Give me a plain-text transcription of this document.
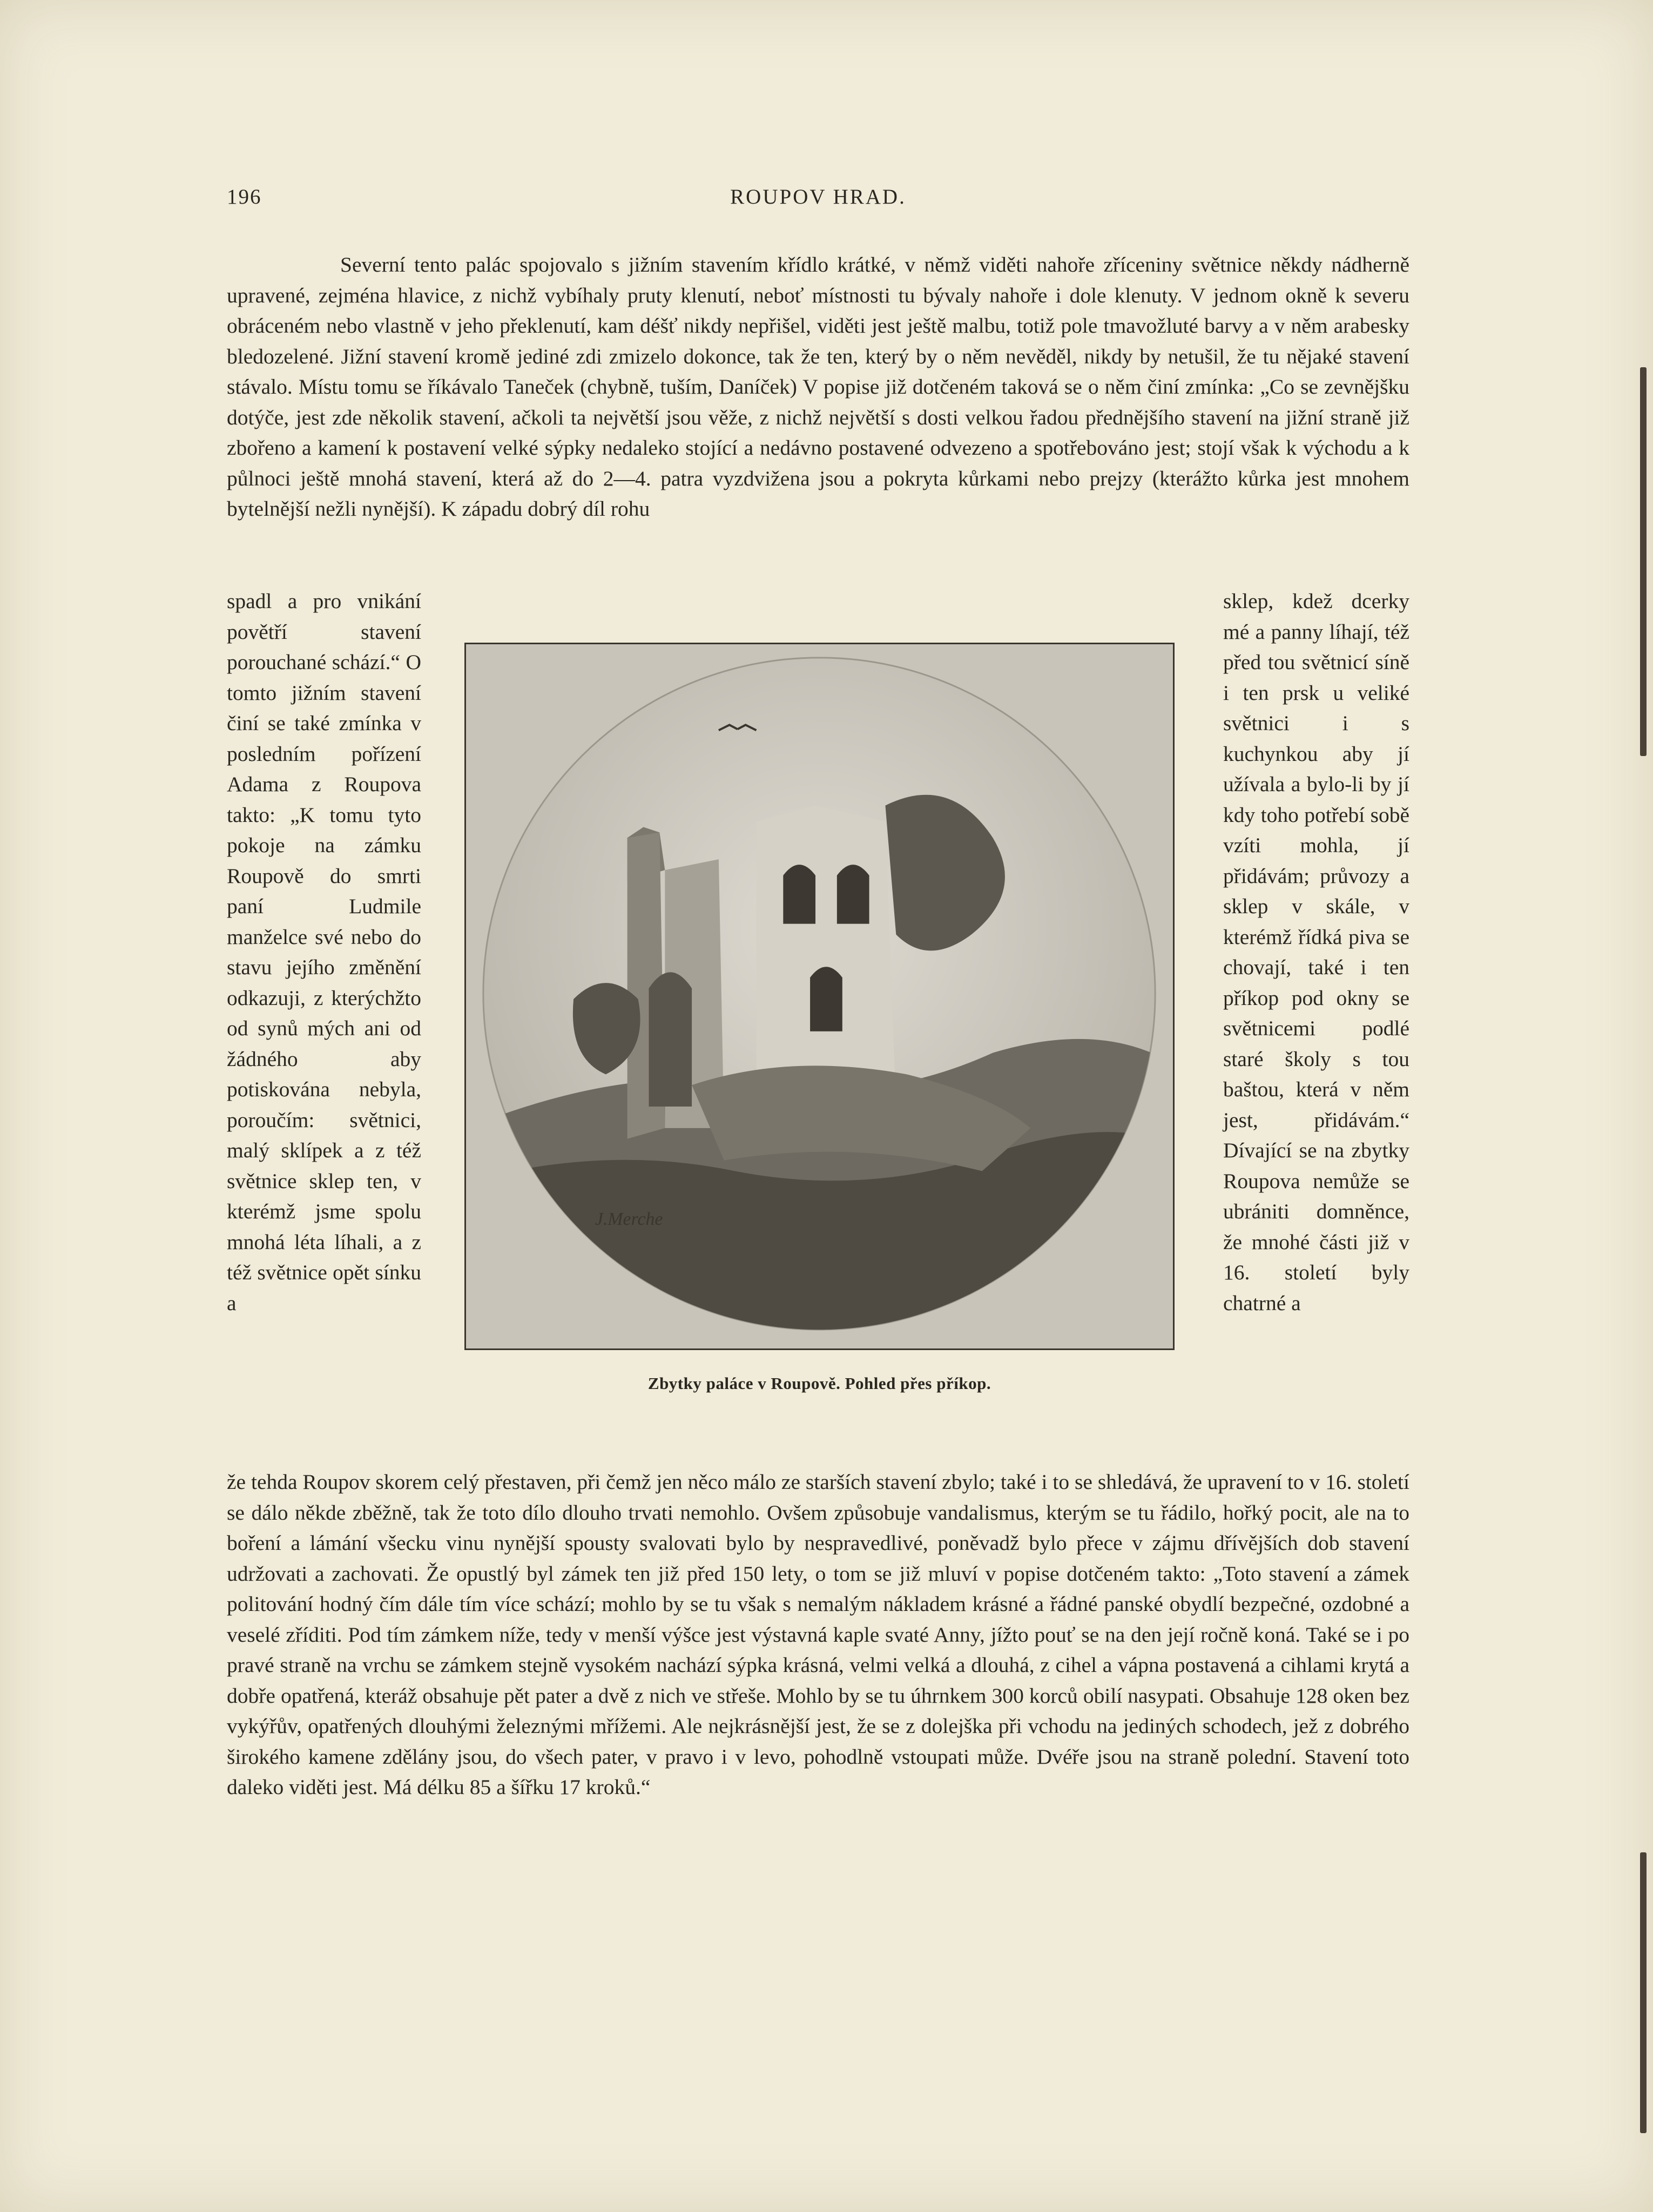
196	ROUPOV HRAD.

Severní tento palác spojovalo s jižním stavením křídlo krátké, v němž viděti nahoře zříceniny světnice někdy nádherně upravené, zejména hlavice, z nichž vybíhaly pruty klenutí, neboť místnosti tu bývaly nahoře i dole klenuty. V jednom okně k severu obráceném nebo vlastně v jeho překlenutí, kam déšť nikdy nepřišel, viděti jest ještě malbu, totiž pole tmavožluté barvy a v něm arabesky bledozelené. Jižní stavení kromě jediné zdi zmizelo dokonce, tak že ten, který by o něm nevěděl, nikdy by netušil, že tu nějaké stavení stávalo. Místu tomu se říkávalo Taneček (chybně, tuším, Daníček) V popise již dotčeném taková se o něm činí zmínka: „Co se zevnějšku dotýče, jest zde několik stavení, ačkoli ta největší jsou věže, z nichž největší s dosti velkou řadou přednějšího stavení na jižní straně již zbořeno a kamení k postavení velké sýpky nedaleko stojící a nedávno postavené odvezeno a spotřebováno jest; stojí však k východu a k půlnoci ještě mnohá stavení, která až do 2—4. patra vyzdvižena jsou a pokryta kůrkami nebo prejzy (kterážto kůrka jest mnohem bytelnější nežli nynější). K západu dobrý díl rohu

spadl a pro vnikání povětří stavení porouchané schází.“ O tomto jižním stavení činí se také zmínka v posledním pořízení Adama z Roupova takto: „K tomu tyto pokoje na zámku Roupově do smrti paní Ludmile manželce své nebo do stavu jejího změnění odkazuji, z kterýchžto od synů mých ani od žádného aby potiskována nebyla, poroučím: světnici, malý sklípek a z též světnice sklep ten, v kterémž jsme spolu mnohá léta líhali, a z též světnice opět sínku a

sklep, kdež dcerky mé a panny líhají, též před tou světnicí síně i ten prsk u veliké světnici i s kuchynkou aby jí užívala a bylo-li by jí kdy toho potřebí sobě vzíti mohla, jí přidávám; průvozy a sklep v skále, v kterémž řídká piva se chovají, také i ten příkop pod okny se světnicemi podlé staré školy s tou baštou, která v něm jest, přidávám.“ Dívající se na zbytky Roupova nemůže se ubrániti domněnce, že mnohé části již v 16. století byly chatrné a

J.Merche
Zbytky paláce v Roupově. Pohled přes příkop.

že tehda Roupov skorem celý přestaven, při čemž jen něco málo ze starších stavení zbylo; také i to se shledává, že upravení to v 16. století se dálo někde zběžně, tak že toto dílo dlouho trvati nemohlo. Ovšem způsobuje vandalismus, kterým se tu řádilo, hořký pocit, ale na to boření a lámání všecku vinu nynější spousty svalovati bylo by nespravedlivé, poněvadž bylo přece v zájmu dřívějších dob stavení udržovati a zachovati. Že opustlý byl zámek ten již před 150 lety, o tom se již mluví v popise dotčeném takto: „Toto stavení a zámek politování hodný čím dále tím více schází; mohlo by se tu však s nemalým nákladem krásné a řádné panské obydlí bezpečné, ozdobné a veselé zříditi. Pod tím zámkem níže, tedy v menší výšce jest výstavná kaple svaté Anny, jížto pouť se na den její ročně koná. Také se i po pravé straně na vrchu se zámkem stejně vysokém nachází sýpka krásná, velmi velká a dlouhá, z cihel a vápna postavená a cihlami krytá a dobře opatřená, kteráž obsahuje pět pater a dvě z nich ve střeše. Mohlo by se tu úhrnkem 300 korců obilí nasypati. Obsahuje 128 oken bez vykýřův, opatřených dlouhými železnými mřížemi. Ale nejkrásnější jest, že se z dolejška při vchodu na jediných schodech, jež z dobrého širokého kamene zdělány jsou, do všech pater, v pravo i v levo, pohodlně vstoupati může. Dvéře jsou na straně polední. Stavení toto daleko viděti jest. Má délku 85 a šířku 17 kroků.“
